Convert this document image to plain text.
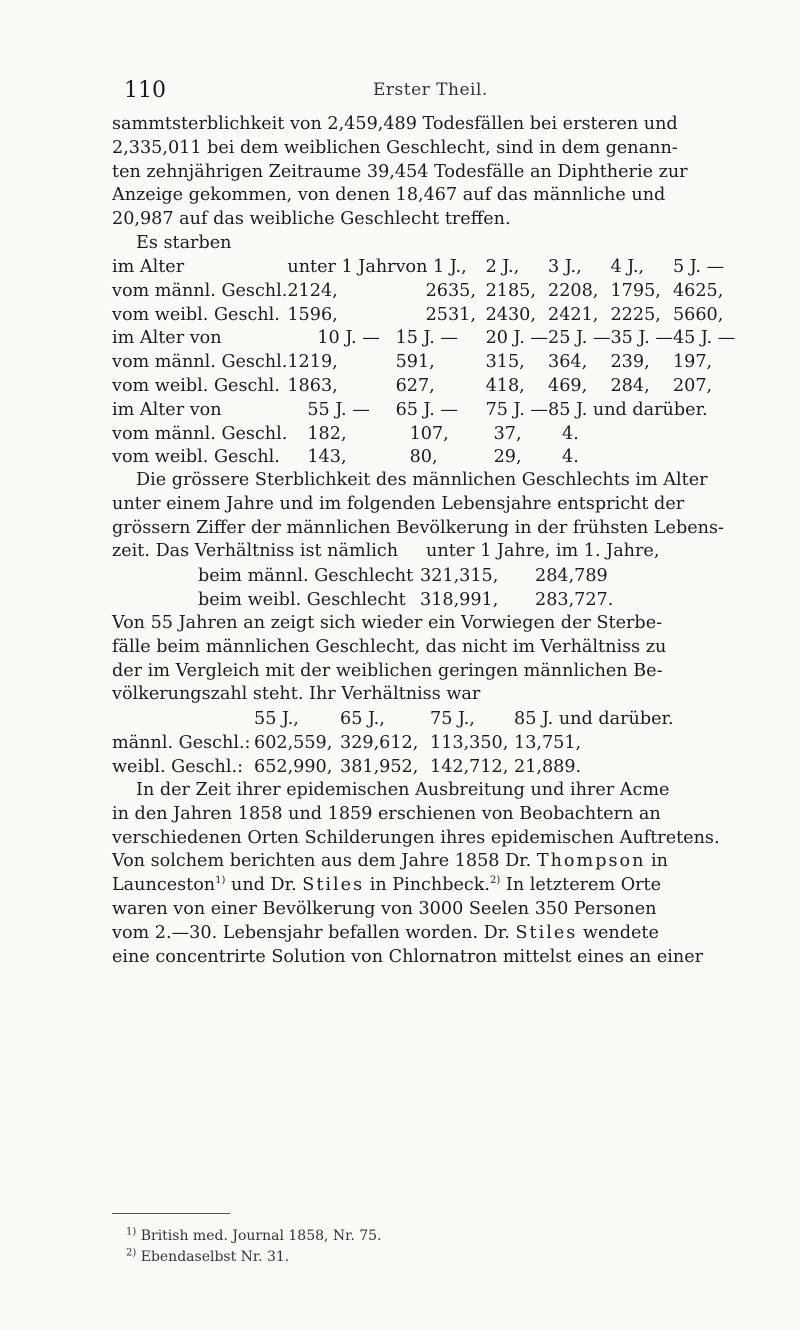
110	Erster Theil.
sammtsterblichkeit von 2,459,489 Todesfällen bei ersteren und
2,335,011 bei dem weiblichen Geschlecht, sind in dem genann-
ten zehnjährigen Zeitraume 39,454 Todesfälle an Diphtherie zur
Anzeige gekommen, von denen 18,467 auf das männliche und
20,987 auf das weibliche Geschlecht treffen.
Es starben
im Alter	unter 1 Jahr	von 1 J.,	2 J.,	3 J.,	4 J.,	5 J. —
vom männl. Geschl.	2124,	2635,	2185,	2208,	1795,	4625,
vom weibl. Geschl.	1596,	2531,	2430,	2421,	2225,	5660,
im Alter von	10 J. —	15 J. —	20 J. —	25 J. —	35 J. —	45 J. —
vom männl. Geschl.	1219,	591,	315,	364,	239,	197,
vom weibl. Geschl.	1863,	627,	418,	469,	284,	207,
im Alter von	55 J. —	65 J. —	75 J. —	85 J. und darüber.		
vom männl. Geschl.	182,	107,	37,	4.		
vom weibl. Geschl.	143,	80,	29,	4.		
Die grössere Sterblichkeit des männlichen Geschlechts im Alter
unter einem Jahre und im folgenden Lebensjahre entspricht der
grössern Ziffer der männlichen Bevölkerung in der frühsten Lebens-
zeit. Das Verhältniss ist nämlich     unter 1 Jahre, im 1. Jahre,
beim männl. Geschlecht	321,315,	284,789
beim weibl. Geschlecht	318,991,	283,727.
Von 55 Jahren an zeigt sich wieder ein Vorwiegen der Sterbe-
fälle beim männlichen Geschlecht, das nicht im Verhältniss zu
der im Vergleich mit der weiblichen geringen männlichen Be-
völkerungszahl steht. Ihr Verhältniss war
	55 J.,	65 J.,	75 J.,	85 J. und darüber.
männl. Geschl.:	602,559,	329,612,	113,350,	13,751,
weibl. Geschl.:	652,990,	381,952,	142,712,	21,889.
In der Zeit ihrer epidemischen Ausbreitung und ihrer Acme
in den Jahren 1858 und 1859 erschienen von Beobachtern an
verschiedenen Orten Schilderungen ihres epidemischen Auftretens.
Von solchem berichten aus dem Jahre 1858 Dr. Thompson in
Launceston$^{1)}$ und Dr. Stiles in Pinchbeck.$^{2)}$ In letzterem Orte
waren von einer Bevölkerung von 3000 Seelen 350 Personen
vom 2.—30. Lebensjahr befallen worden. Dr. Stiles wendete
eine concentrirte Solution von Chlornatron mittelst eines an einer
$^{1)}$ British med. Journal 1858, Nr. 75.
$^{2)}$ Ebendaselbst Nr. 31.
